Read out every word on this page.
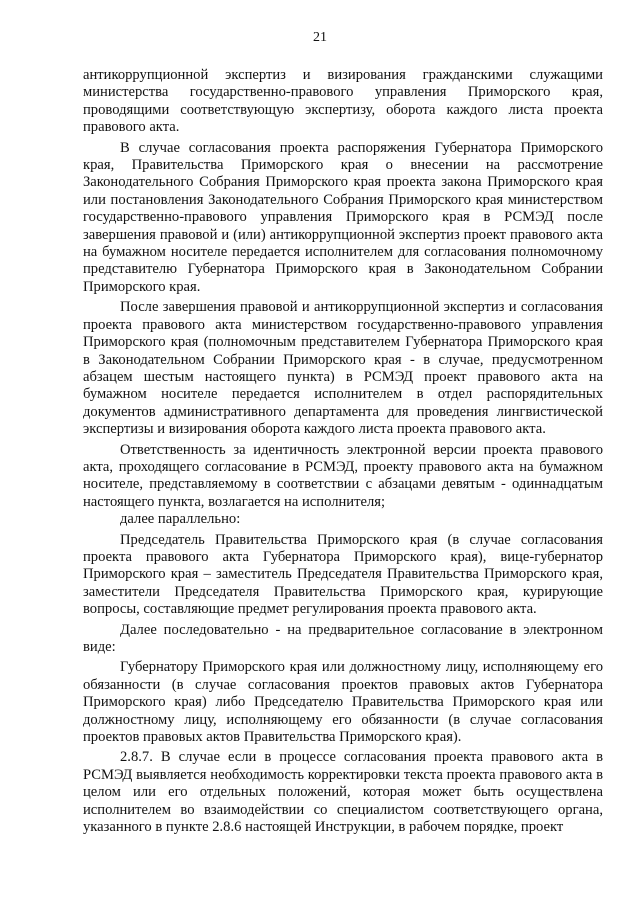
21

антикоррупционной экспертиз и визирования гражданскими служащими министерства государственно-правового управления Приморского края, проводящими соответствующую экспертизу, оборота каждого листа проекта правового акта.

В случае согласования проекта распоряжения Губернатора Приморского края, Правительства Приморского края о внесении на рассмотрение Законодательного Собрания Приморского края проекта закона Приморского края или постановления Законодательного Собрания Приморского края министерством государственно-правового управления Приморского края в РСМЭД после завершения правовой и (или) антикоррупционной экспертиз проект правового акта на бумажном носителе передается исполнителем для согласования полномочному представителю Губернатора Приморского края в Законодательном Собрании Приморского края.

После завершения правовой и антикоррупционной экспертиз и согласования проекта правового акта министерством государственно-правового управления Приморского края (полномочным представителем Губернатора Приморского края в Законодательном Собрании Приморского края - в случае, предусмотренном абзацем шестым настоящего пункта) в РСМЭД проект правового акта на бумажном носителе передается исполнителем в отдел распорядительных документов административного департамента для проведения лингвистической экспертизы и визирования оборота каждого листа проекта правового акта.

Ответственность за идентичность электронной версии проекта правового акта, проходящего согласование в РСМЭД, проекту правового акта на бумажном носителе, представляемому в соответствии с абзацами девятым - одиннадцатым настоящего пункта, возлагается на исполнителя;

далее параллельно:

Председатель Правительства Приморского края (в случае согласования проекта правового акта Губернатора Приморского края), вице-губернатор Приморского края – заместитель Председателя Правительства Приморского края, заместители Председателя Правительства Приморского края, курирующие вопросы, составляющие предмет регулирования проекта правового акта.

Далее последовательно - на предварительное согласование в электронном виде:

Губернатору Приморского края или должностному лицу, исполняющему его обязанности (в случае согласования проектов правовых актов Губернатора Приморского края) либо Председателю Правительства Приморского края или должностному лицу, исполняющему его обязанности (в случае согласования проектов правовых актов Правительства Приморского края).

2.8.7. В случае если в процессе согласования проекта правового акта в РСМЭД выявляется необходимость корректировки текста проекта правового акта в целом или его отдельных положений, которая может быть осуществлена исполнителем во взаимодействии со специалистом соответствующего органа, указанного в пункте 2.8.6 настоящей Инструкции, в рабочем порядке, проект
